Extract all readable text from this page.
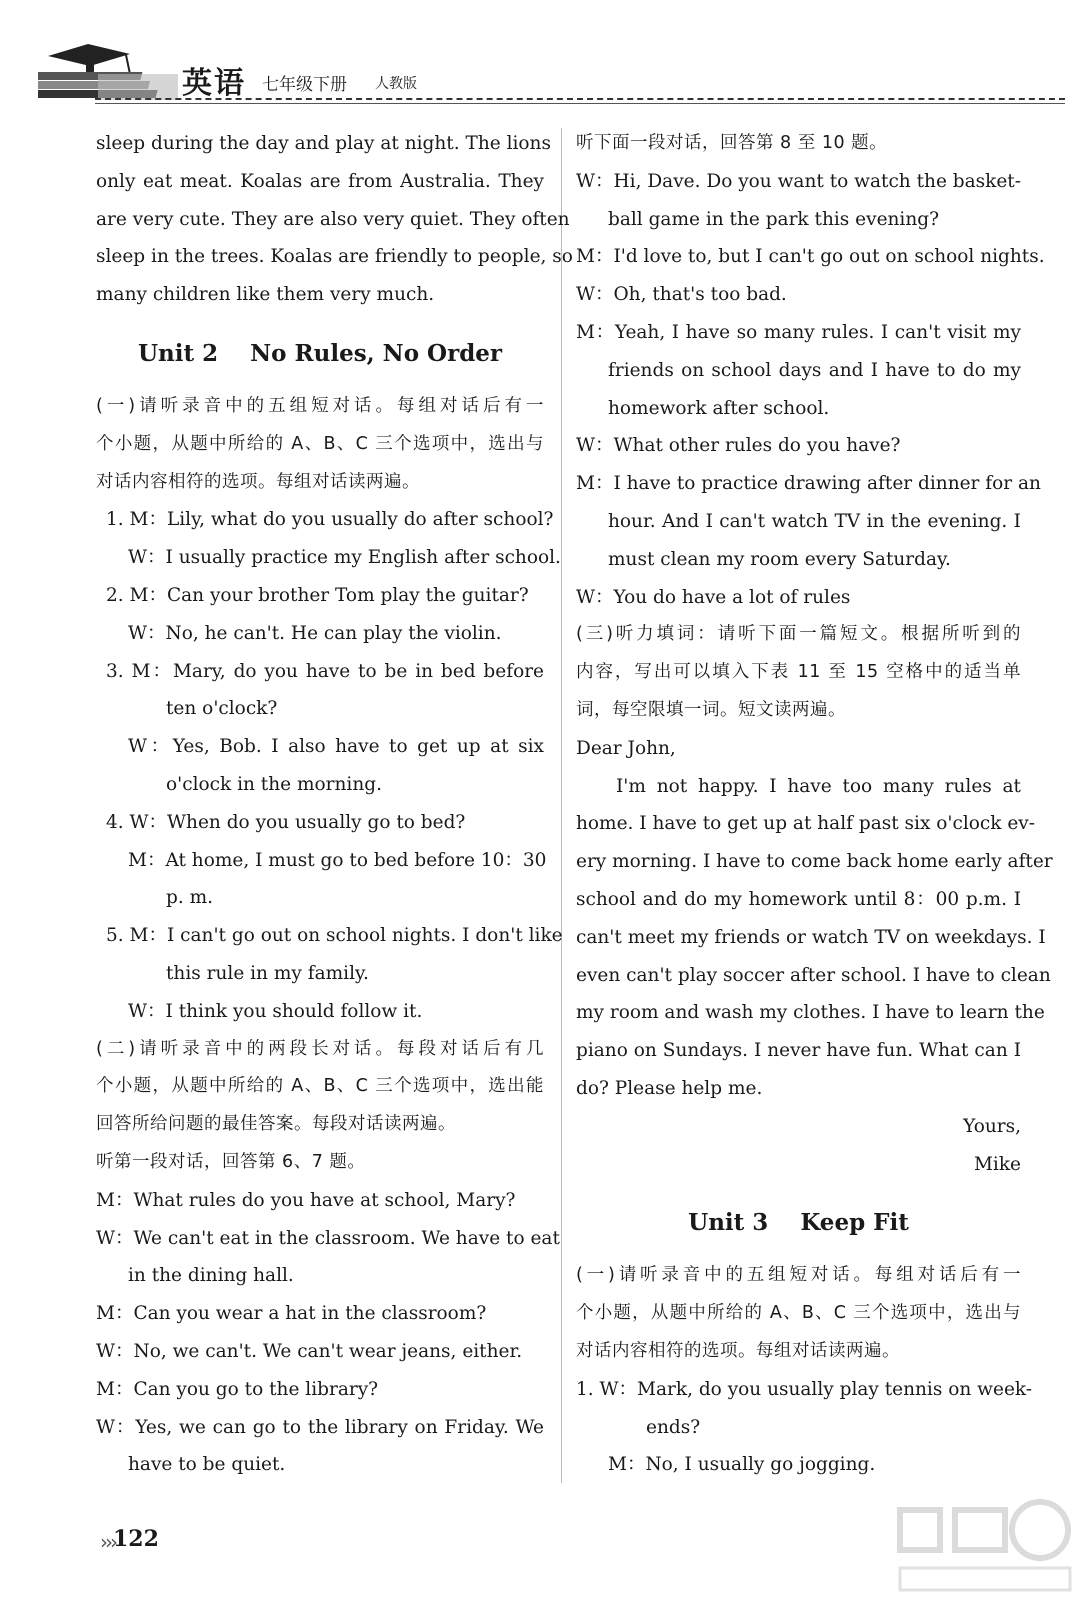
英语 七年级下册 人教版
sleep during the day and play at night. The lions
only eat meat. Koalas are from Australia. They
are very cute. They are also very quiet. They often
sleep in the trees. Koalas are friendly to people, so
many children like them very much.
Unit 2    No Rules, No Order
(一)请听录音中的五组短对话。每组对话后有一
个小题，从题中所给的 A、B、C 三个选项中，选出与
对话内容相符的选项。每组对话读两遍。
1. M：Lily, what do you usually do after school?
W：I usually practice my English after school.
2. M：Can your brother Tom play the guitar?
W：No, he can't. He can play the violin.
3. M：Mary, do you have to be in bed before
ten o'clock?
W：Yes, Bob. I also have to get up at six
o'clock in the morning.
4. W：When do you usually go to bed?
M：At home, I must go to bed before 10：30
p. m.
5. M：I can't go out on school nights. I don't like
this rule in my family.
W：I think you should follow it.
(二)请听录音中的两段长对话。每段对话后有几
个小题，从题中所给的 A、B、C 三个选项中，选出能
回答所给问题的最佳答案。每段对话读两遍。
听第一段对话，回答第 6、7 题。
M：What rules do you have at school, Mary?
W：We can't eat in the classroom. We have to eat
in the dining hall.
M：Can you wear a hat in the classroom?
W：No, we can't. We can't wear jeans, either.
M：Can you go to the library?
W：Yes, we can go to the library on Friday. We
have to be quiet.
听下面一段对话，回答第 8 至 10 题。
W：Hi, Dave. Do you want to watch the basket-
ball game in the park this evening?
M：I'd love to, but I can't go out on school nights.
W：Oh, that's too bad.
M：Yeah, I have so many rules. I can't visit my
friends on school days and I have to do my
homework after school.
W：What other rules do you have?
M：I have to practice drawing after dinner for an
hour. And I can't watch TV in the evening. I
must clean my room every Saturday.
W：You do have a lot of rules
(三)听力填词：请听下面一篇短文。根据所听到的
内容，写出可以填入下表 11 至 15 空格中的适当单
词，每空限填一词。短文读两遍。
Dear John,
I'm not happy. I have too many rules at
home. I have to get up at half past six o'clock ev-
ery morning. I have to come back home early after
school and do my homework until 8：00 p.m. I
can't meet my friends or watch TV on weekdays. I
even can't play soccer after school. I have to clean
my room and wash my clothes. I have to learn the
piano on Sundays. I never have fun. What can I
do? Please help me.
Yours,
Mike
Unit 3    Keep Fit
(一)请听录音中的五组短对话。每组对话后有一
个小题，从题中所给的 A、B、C 三个选项中，选出与
对话内容相符的选项。每组对话读两遍。
1. W：Mark, do you usually play tennis on week-
ends?
M：No, I usually go jogging.
›››
122
